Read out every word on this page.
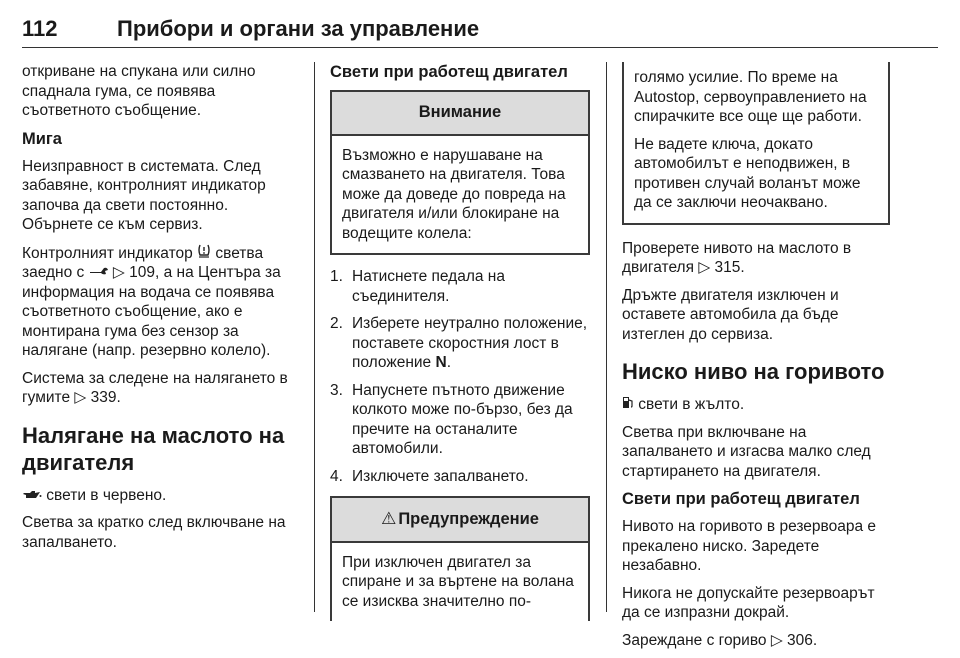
112	Прибори и органи за управление

откриване на спукана или силно спаднала гума, се появява съответното съобщение.

Мига

Неизправност в системата. След забавяне, контролният индикатор започва да свети постоянно. Обърнете се към сервиз.

Контролният индикатор  светва заедно с  ▷ 109, а на Центъра за информация на водача се появява съответното съобщение, ако е монтирана гума без сензор за налягане (напр. резервно колело).

Система за следене на налягането в гумите ▷ 339.

Налягане на маслото на двигателя

свети в червено.

Светва за кратко след включване на запалването.

Свети при работещ двигател
Внимание

Възможно е нарушаване на смазването на двигателя. Това може да доведе до повреда на двигателя и/или блокиране на водещите колела:

1. Натиснете педала на съединителя.
2. Изберете неутрално положение, поставете скоростния лост в положение N.
3. Напуснете пътното движение колкото може по-бързо, без да пречите на останалите автомобили.
4. Изключете запалването.
⚠ Предупреждение

При изключен двигател за спиране и за въртене на волана се изисква значително по-

голямо усилие. По време на Autostop, сервоуправлението на спирачките все още ще работи.

Не вадете ключа, докато автомобилът е неподвижен, в противен случай воланът може да се заключи неочаквано.

Проверете нивото на маслото в двигателя ▷ 315.

Дръжте двигателя изключен и оставете автомобила да бъде изтеглен до сервиза.

Ниско ниво на горивото

свети в жълто.

Светва при включване на запалването и изгасва малко след стартирането на двигателя.

Свети при работещ двигател

Нивото на горивото в резервоара е прекалено ниско. Заредете незабавно.

Никога не допускайте резервоарът да се изпразни докрай.

Зареждане с гориво ▷ 306.
